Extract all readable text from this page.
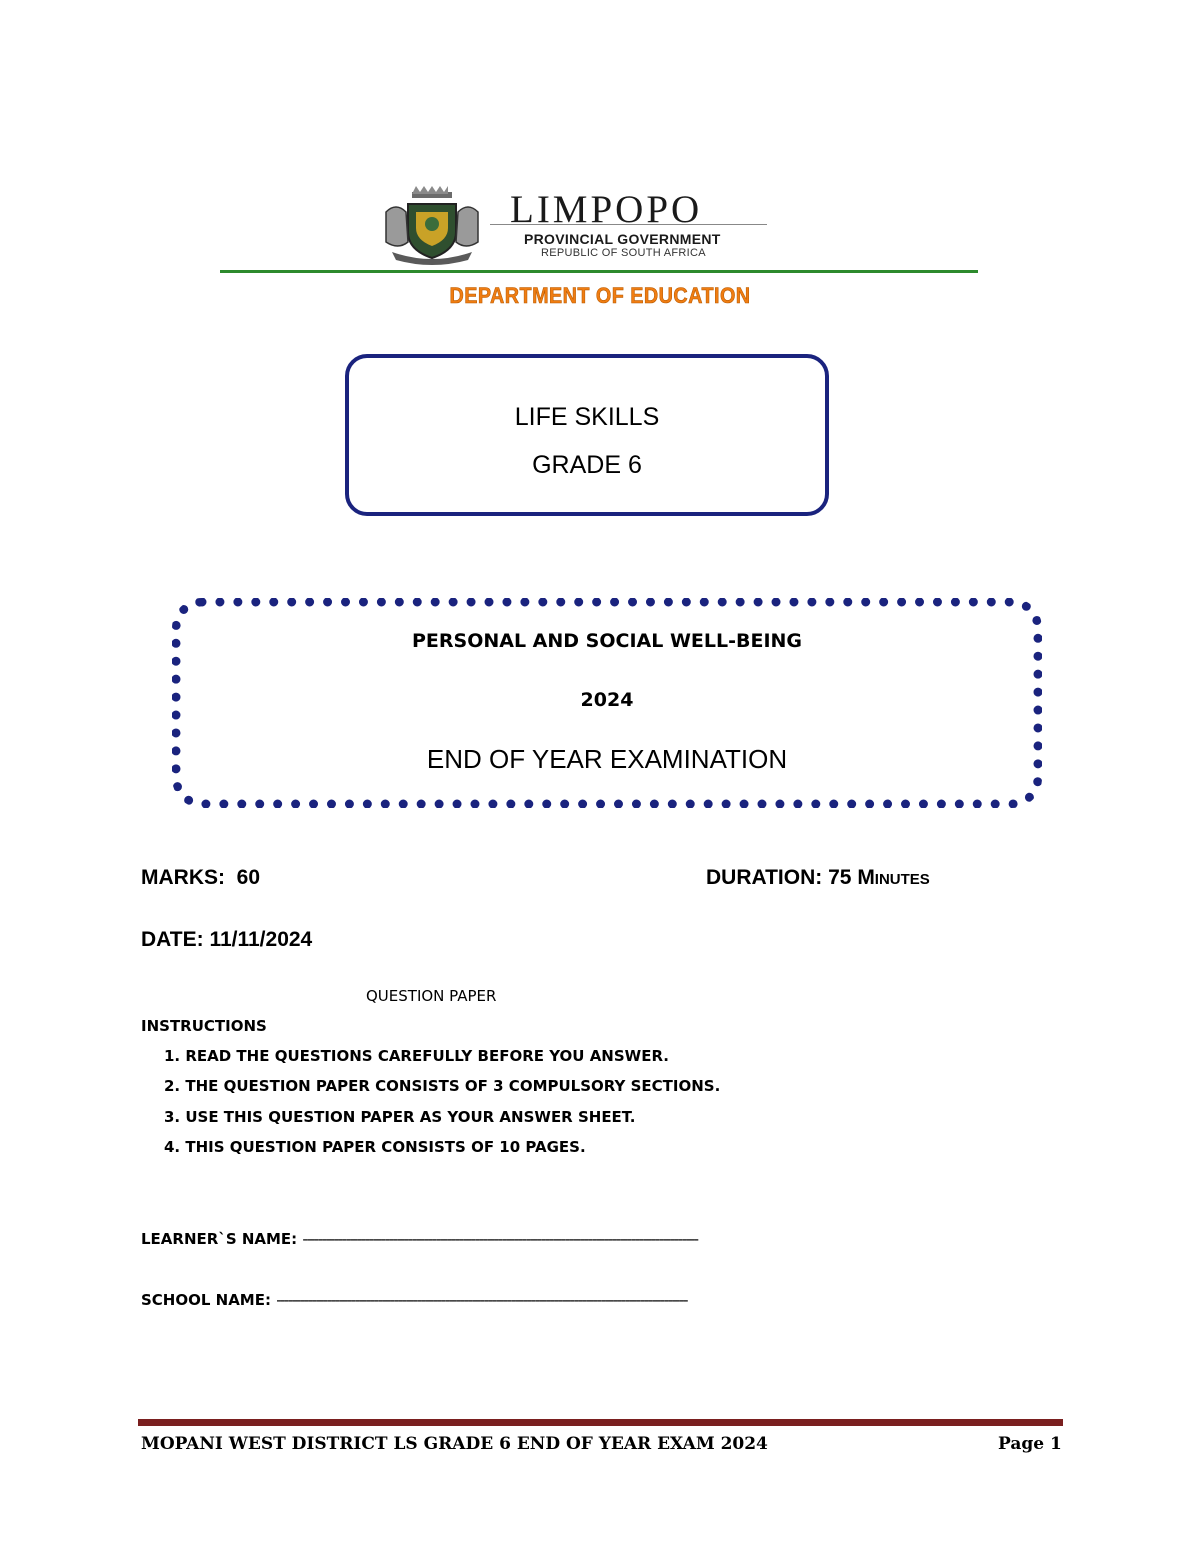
LIMPOPO
PROVINCIAL GOVERNMENT
REPUBLIC OF SOUTH AFRICA
DEPARTMENT OF EDUCATION
LIFE SKILLS
GRADE 6
PERSONAL AND SOCIAL WELL-BEING
2024
END OF YEAR EXAMINATION
MARKS: 60	DURATION: 75 Minutes
DATE: 11/11/2024
QUESTION PAPER
INSTRUCTIONS
1. READ THE QUESTIONS CAREFULLY BEFORE YOU ANSWER.
2. THE QUESTION PAPER CONSISTS OF 3 COMPULSORY SECTIONS.
3. USE THIS QUESTION PAPER AS YOUR ANSWER SHEET.
4. THIS QUESTION PAPER CONSISTS OF 10 PAGES.
LEARNER`S NAME: -----------------------------------------------------------------------------------------------------
SCHOOL NAME: ---------------------------------------------------------------------------------------------------------
MOPANI WEST DISTRICT LS GRADE 6 END OF YEAR EXAM 2024	Page 1
